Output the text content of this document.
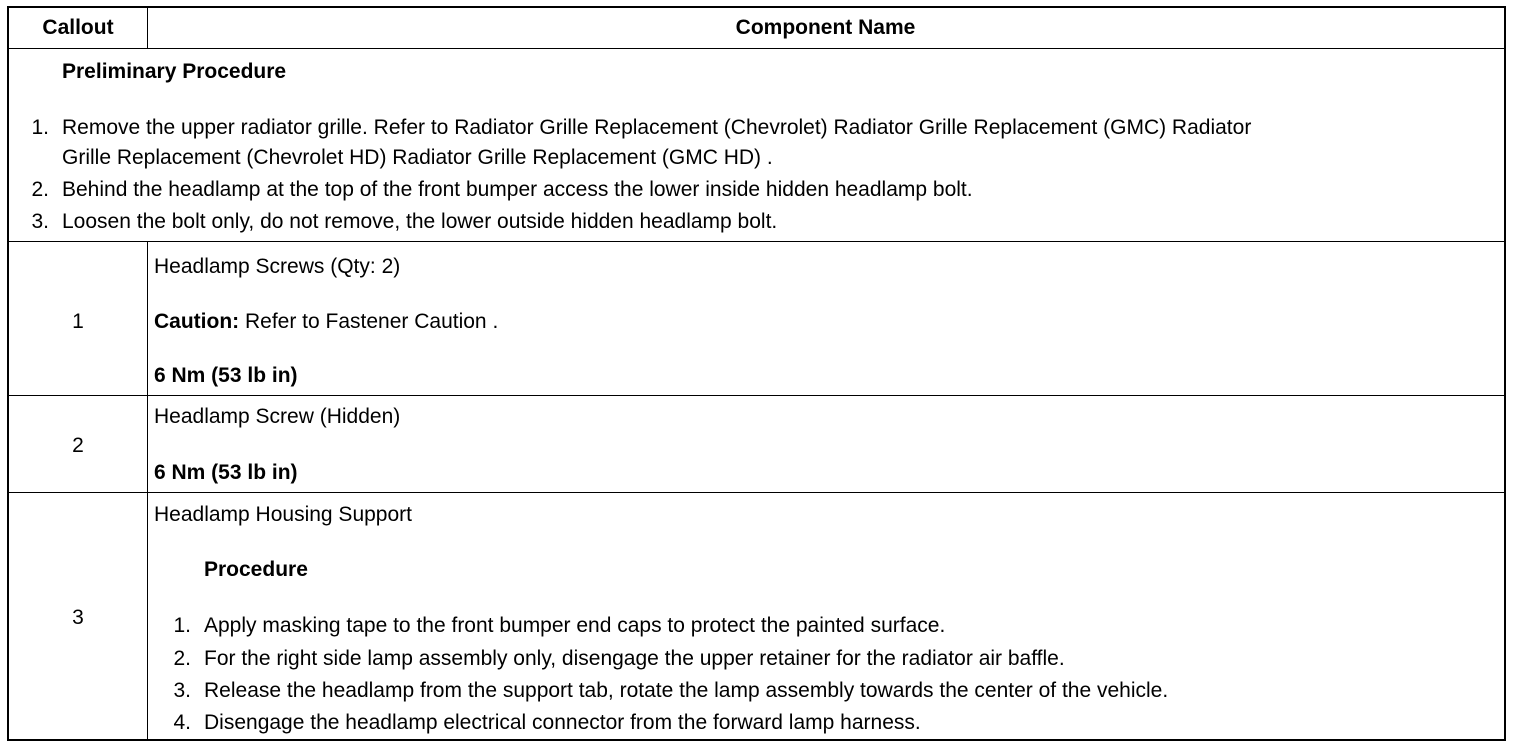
Callout	Component Name
Preliminary Procedure
1. Remove the upper radiator grille. Refer to Radiator Grille Replacement (Chevrolet) Radiator Grille Replacement (GMC) Radiator
Grille Replacement (Chevrolet HD) Radiator Grille Replacement (GMC HD) .
2. Behind the headlamp at the top of the front bumper access the lower inside hidden headlamp bolt.
3. Loosen the bolt only, do not remove, the lower outside hidden headlamp bolt.
1
Headlamp Screws (Qty: 2)
Caution: Refer to Fastener Caution .
6 Nm (53 lb in)
2
Headlamp Screw (Hidden)
6 Nm (53 lb in)
3
Headlamp Housing Support
Procedure
1. Apply masking tape to the front bumper end caps to protect the painted surface.
2. For the right side lamp assembly only, disengage the upper retainer for the radiator air baffle.
3. Release the headlamp from the support tab, rotate the lamp assembly towards the center of the vehicle.
4. Disengage the headlamp electrical connector from the forward lamp harness.
